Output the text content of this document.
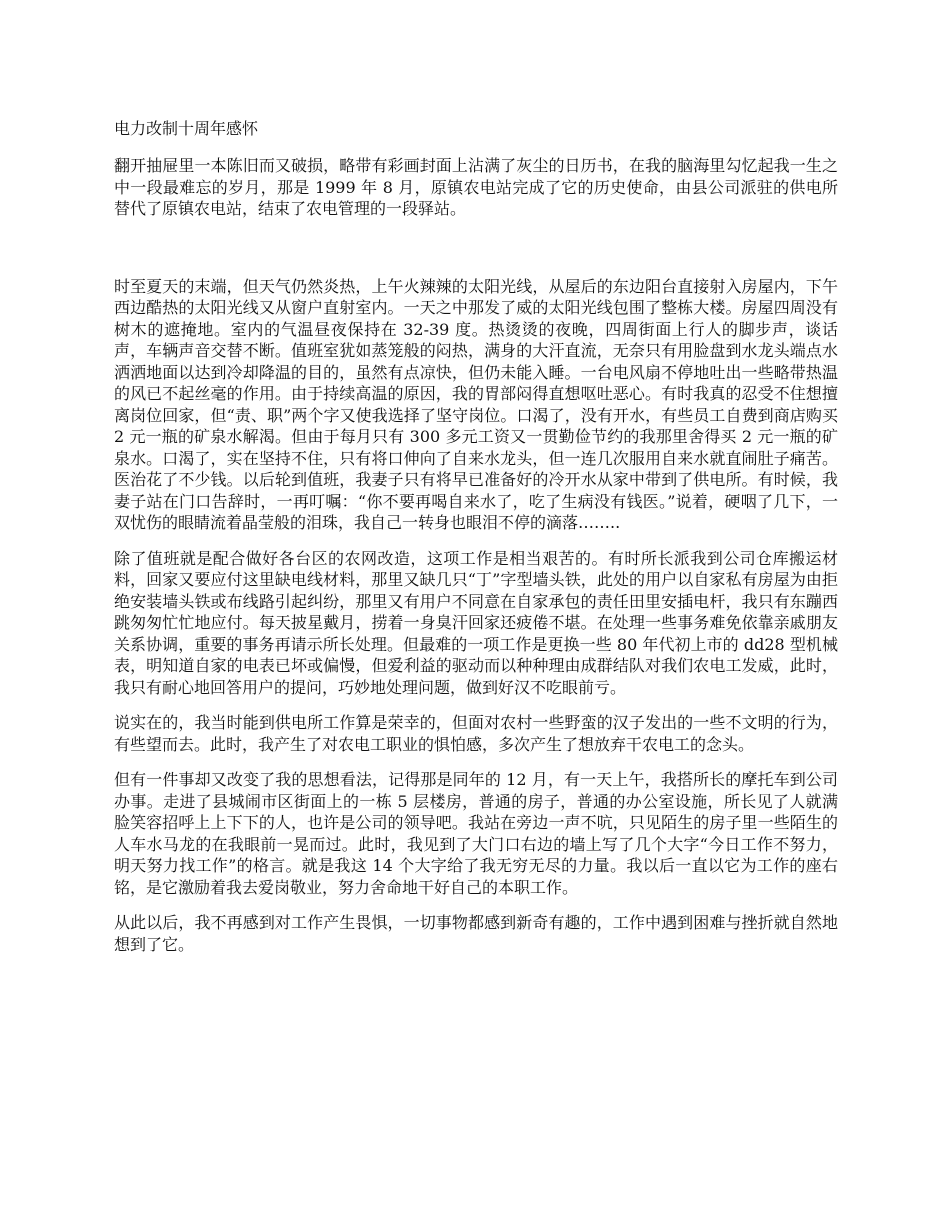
电力改制十周年感怀

翻开抽屉里一本陈旧而又破损，略带有彩画封面上沾满了灰尘的日历书，在我的脑海里勾忆起我一生之中一段最难忘的岁月，那是 1999 年 8 月，原镇农电站完成了它的历史使命，由县公司派驻的供电所替代了原镇农电站，结束了农电管理的一段驿站。

时至夏天的末端，但天气仍然炎热，上午火辣辣的太阳光线，从屋后的东边阳台直接射入房屋内，下午西边酷热的太阳光线又从窗户直射室内。一天之中那发了威的太阳光线包围了整栋大楼。房屋四周没有树木的遮掩地。室内的气温昼夜保持在 32-39 度。热烫烫的夜晚，四周街面上行人的脚步声，谈话声，车辆声音交替不断。值班室犹如蒸笼般的闷热，满身的大汗直流，无奈只有用脸盘到水龙头端点水洒洒地面以达到冷却降温的目的，虽然有点凉快，但仍未能入睡。一台电风扇不停地吐出一些略带热温的风已不起丝毫的作用。由于持续高温的原因，我的胃部闷得直想呕吐恶心。有时我真的忍受不住想擅离岗位回家，但“责、职”两个字又使我选择了坚守岗位。口渴了，没有开水，有些员工自费到商店购买 2 元一瓶的矿泉水解渴。但由于每月只有 300 多元工资又一贯勤俭节约的我那里舍得买 2 元一瓶的矿泉水。口渴了，实在坚持不住，只有将口伸向了自来水龙头，但一连几次服用自来水就直闹肚子痛苦。医治花了不少钱。以后轮到值班，我妻子只有将早已准备好的冷开水从家中带到了供电所。有时候，我妻子站在门口告辞时，一再叮嘱：“你不要再喝自来水了，吃了生病没有钱医。”说着，硬咽了几下，一双忧伤的眼睛流着晶莹般的泪珠，我自己一转身也眼泪不停的滴落……..

除了值班就是配合做好各台区的农网改造，这项工作是相当艰苦的。有时所长派我到公司仓库搬运材料，回家又要应付这里缺电线材料，那里又缺几只“丁”字型墙头铁，此处的用户以自家私有房屋为由拒绝安装墙头铁或布线路引起纠纷，那里又有用户不同意在自家承包的责任田里安插电杆，我只有东蹦西跳匆匆忙忙地应付。每天披星戴月，捞着一身臭汗回家还疲倦不堪。在处理一些事务难免依靠亲戚朋友关系协调，重要的事务再请示所长处理。但最难的一项工作是更换一些 80 年代初上市的 dd28 型机械表，明知道自家的电表已坏或偏慢，但爱利益的驱动而以种种理由成群结队对我们农电工发威，此时，我只有耐心地回答用户的提问，巧妙地处理问题，做到好汉不吃眼前亏。

说实在的，我当时能到供电所工作算是荣幸的，但面对农村一些野蛮的汉子发出的一些不文明的行为，有些望而去。此时，我产生了对农电工职业的惧怕感，多次产生了想放弃干农电工的念头。

但有一件事却又改变了我的思想看法，记得那是同年的 12 月，有一天上午，我搭所长的摩托车到公司办事。走进了县城闹市区街面上的一栋 5 层楼房，普通的房子，普通的办公室设施，所长见了人就满脸笑容招呼上上下下的人，也许是公司的领导吧。我站在旁边一声不吭，只见陌生的房子里一些陌生的人车水马龙的在我眼前一晃而过。此时，我见到了大门口右边的墙上写了几个大字“今日工作不努力，明天努力找工作”的格言。就是我这 14 个大字给了我无穷无尽的力量。我以后一直以它为工作的座右铭，是它激励着我去爱岗敬业，努力舍命地干好自己的本职工作。

从此以后，我不再感到对工作产生畏惧，一切事物都感到新奇有趣的，工作中遇到困难与挫折就自然地想到了它。
